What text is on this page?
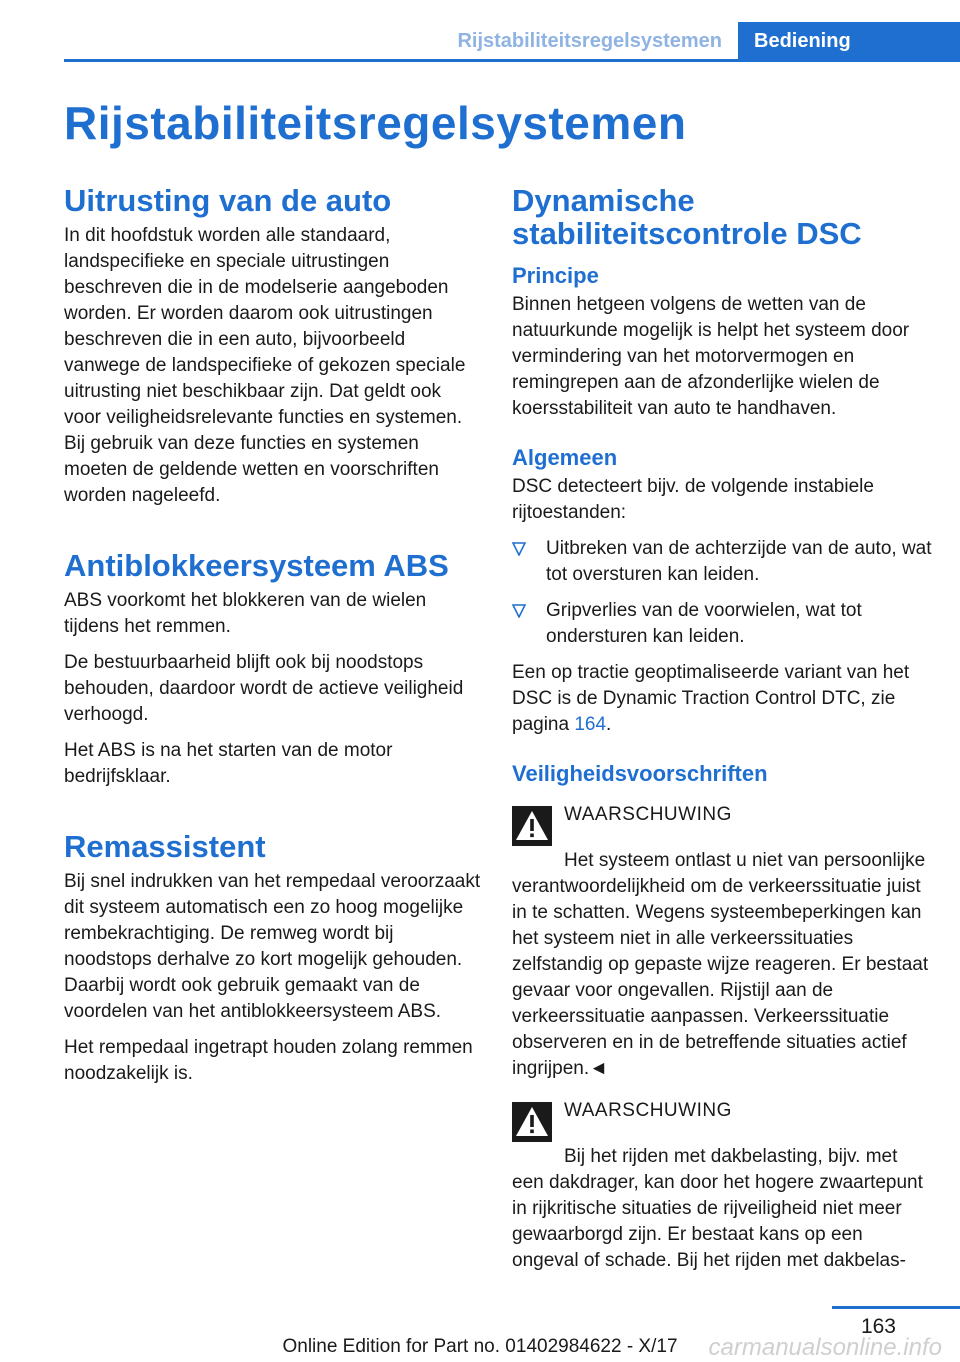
Rijstabiliteitsregelsystemen	Bediening
Rijstabiliteitsregelsystemen
Uitrusting van de auto

In dit hoofdstuk worden alle standaard, landspecifieke en speciale uitrustingen beschreven die in de modelserie aangeboden worden. Er worden daarom ook uitrustingen beschreven die in een auto, bijvoorbeeld vanwege de landspecifieke of gekozen speciale uitrusting niet beschikbaar zijn. Dat geldt ook voor veiligheidsrelevante functies en systemen. Bij gebruik van deze functies en systemen moeten de geldende wetten en voorschriften worden nageleefd.

Antiblokkeersysteem ABS

ABS voorkomt het blokkeren van de wielen tijdens het remmen.

De bestuurbaarheid blijft ook bij noodstops behouden, daardoor wordt de actieve veiligheid verhoogd.

Het ABS is na het starten van de motor bedrijfsklaar.

Remassistent

Bij snel indrukken van het rempedaal veroorzaakt dit systeem automatisch een zo hoog mogelijke rembekrachtiging. De remweg wordt bij noodstops derhalve zo kort mogelijk gehouden. Daarbij wordt ook gebruik gemaakt van de voordelen van het antiblokkeersysteem ABS.

Het rempedaal ingetrapt houden zolang remmen noodzakelijk is.

Dynamische stabiliteitscontrole DSC
Principe

Binnen hetgeen volgens de wetten van de natuurkunde mogelijk is helpt het systeem door vermindering van het motorvermogen en remingrepen aan de afzonderlijke wielen de koersstabiliteit van auto te handhaven.

Algemeen

DSC detecteert bijv. de volgende instabiele rijtoestanden:

Uitbreken van de achterzijde van de auto, wat tot oversturen kan leiden.
Gripverlies van de voorwielen, wat tot ondersturen kan leiden.

Een op tractie geoptimaliseerde variant van het DSC is de Dynamic Traction Control DTC, zie pagina 164.

Veiligheidsvoorschriften
WAARSCHUWING
Het systeem ontlast u niet van persoonlijke verantwoordelijkheid om de verkeerssituatie juist in te schatten. Wegens systeembeperkingen kan het systeem niet in alle verkeerssituaties zelfstandig op gepaste wijze reageren. Er bestaat gevaar voor ongevallen. Rijstijl aan de verkeerssituatie aanpassen. Verkeerssituatie observeren en in de betreffende situaties actief ingrijpen.◄
WAARSCHUWING
Bij het rijden met dakbelasting, bijv. met een dakdrager, kan door het hogere zwaartepunt in rijkritische situaties de rijveiligheid niet meer gewaarborgd zijn. Er bestaat kans op een ongeval of schade. Bij het rijden met dakbelas-
163
Online Edition for Part no. 01402984622 - X/17	carmanualsonline.info
